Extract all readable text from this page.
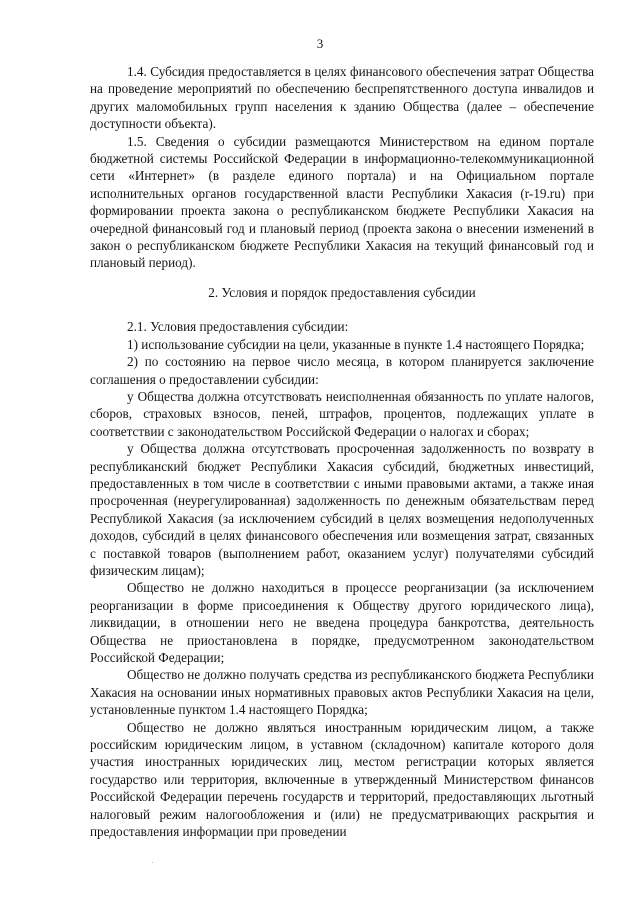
3

1.4. Субсидия предоставляется в целях финансового обеспечения затрат Общества на проведение мероприятий по обеспечению беспрепятственного доступа инвалидов и других маломобильных групп населения к зданию Общества (далее – обеспечение доступности объекта).

1.5. Сведения о субсидии размещаются Министерством на едином портале бюджетной системы Российской Федерации в информационно-телекоммуникационной сети «Интернет» (в разделе единого портала) и на Официальном портале исполнительных органов государственной власти Республики Хакасия (r-19.ru) при формировании проекта закона о республиканском бюджете Республики Хакасия на очередной финансовый год и плановый период (проекта закона о внесении изменений в закон о республиканском бюджете Республики Хакасия на текущий финансовый год и плановый период).

2. Условия и порядок предоставления субсидии

2.1. Условия предоставления субсидии:

1) использование субсидии на цели, указанные в пункте 1.4 настоящего Порядка;

2) по состоянию на первое число месяца, в котором планируется заключение соглашения о предоставлении субсидии:

у Общества должна отсутствовать неисполненная обязанность по уплате налогов, сборов, страховых взносов, пеней, штрафов, процентов, подлежащих уплате в соответствии с законодательством Российской Федерации о налогах и сборах;

у Общества должна отсутствовать просроченная задолженность по возврату в республиканский бюджет Республики Хакасия субсидий, бюджетных инвестиций, предоставленных в том числе в соответствии с иными правовыми актами, а также иная просроченная (неурегулированная) задолженность по денежным обязательствам перед Республикой Хакасия (за исключением субсидий в целях возмещения недополученных доходов, субсидий в целях финансового обеспечения или возмещения затрат, связанных с поставкой товаров (выполнением работ, оказанием услуг) получателями субсидий физическим лицам);

Общество не должно находиться в процессе реорганизации (за исключением реорганизации в форме присоединения к Обществу другого юридического лица), ликвидации, в отношении него не введена процедура банкротства, деятельность Общества не приостановлена в порядке, предусмотренном законодательством Российской Федерации;

Общество не должно получать средства из республиканского бюджета Республики Хакасия на основании иных нормативных правовых актов Республики Хакасия на цели, установленные пунктом 1.4 настоящего Порядка;

Общество не должно являться иностранным юридическим лицом, а также российским юридическим лицом, в уставном (складочном) капитале которого доля участия иностранных юридических лиц, местом регистрации которых является государство или территория, включенные в утвержденный Министерством финансов Российской Федерации перечень государств и территорий, предоставляющих льготный налоговый режим налогообложения и (или) не предусматривающих раскрытия и предоставления информации при проведении
